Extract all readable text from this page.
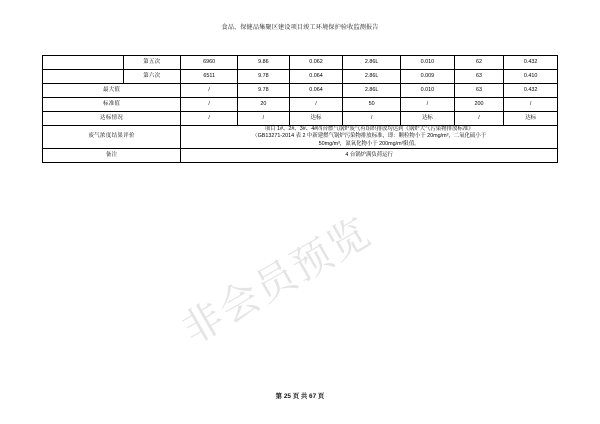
食品、保健品集聚区建设项目竣工环境保护验收监测报告
	第五次	6960	9.86	0.062	2.86L	0.010	62	0.432
	第六次	6511	9.78	0.064	2.86L	0.009	63	0.410
最大值		/	9.78	0.064	2.86L	0.010	63	0.432
标准值		/	20	/	50	/	200	/
达标情况		/	/	达标	/	达标	/	达标
废气浓度结果评价		项目 1#、2#、3#、4#四台燃气锅炉废气有组织排放均达到《锅炉大气污染物排放标准》

（GB13271-2014 表 2 中新建燃气锅炉污染物排放标准，即：颗粒物小于 20mg/m³，二氧化硫小于

50mg/m³，氮氧化物小于 200mg/m³限值。						

备注		4 台锅炉满负荷运行						
非会员预览
第 25 页 共 67 页
